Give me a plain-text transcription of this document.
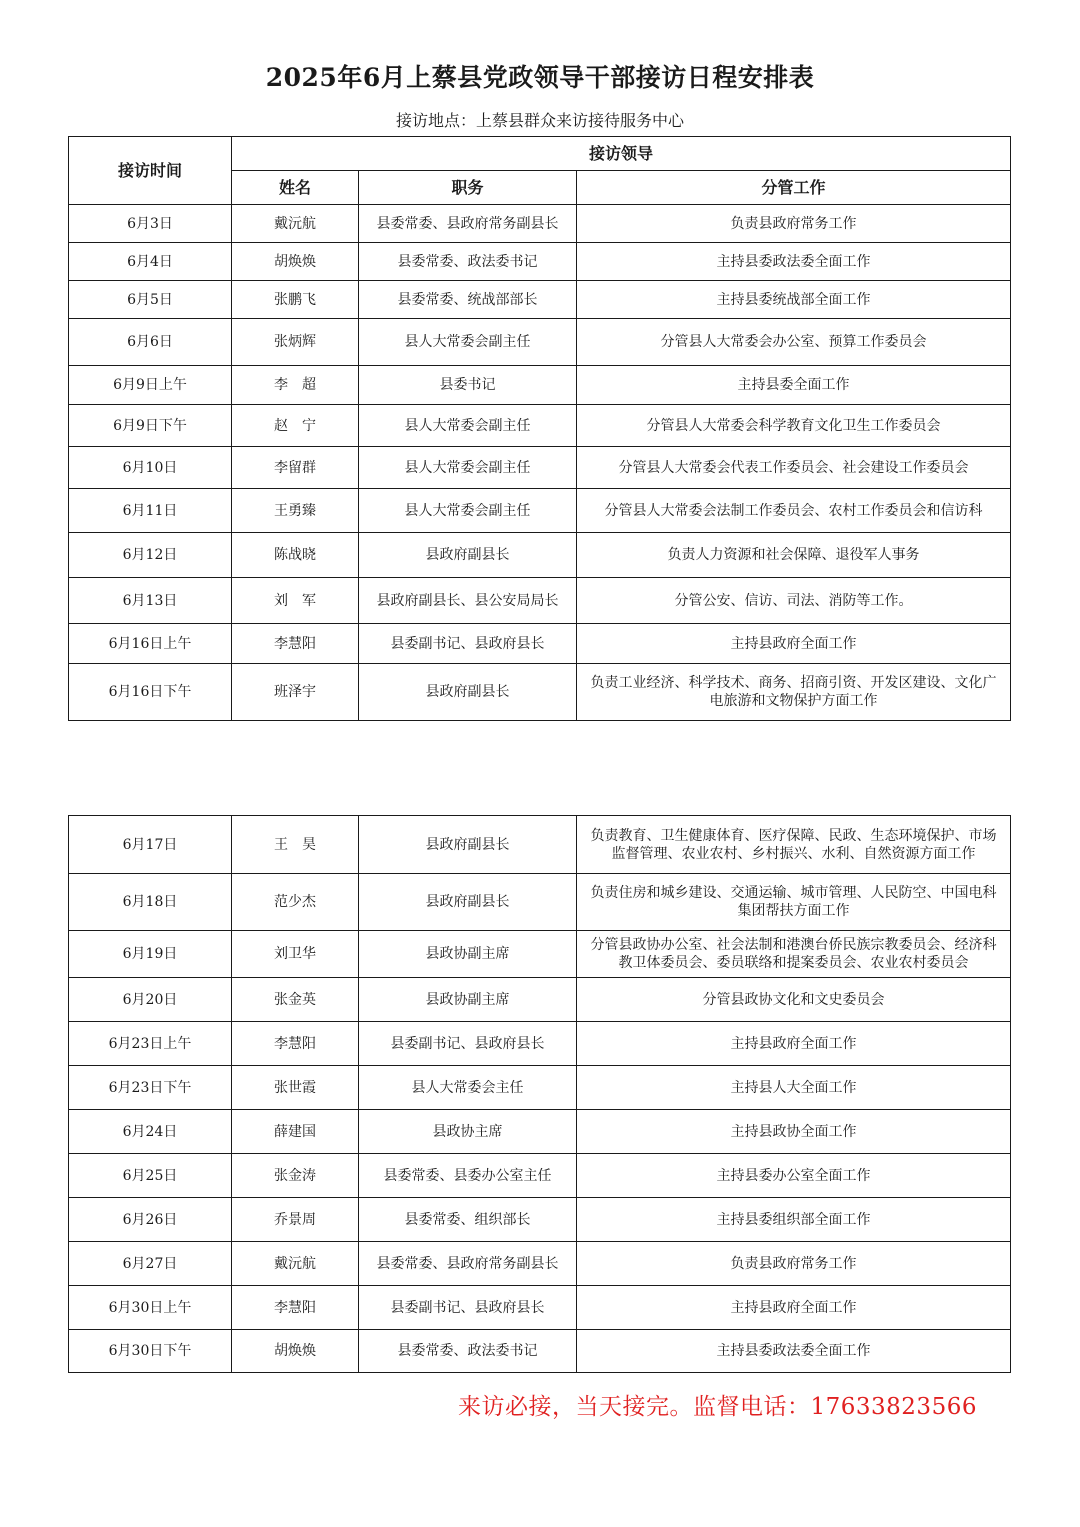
2025年6月上蔡县党政领导干部接访日程安排表
接访地点：上蔡县群众来访接待服务中心
接访时间	接访领导		
	姓名	职务	分管工作
6月3日	戴沅航	县委常委、县政府常务副县长	负责县政府常务工作
6月4日	胡焕焕	县委常委、政法委书记	主持县委政法委全面工作
6月5日	张鹏飞	县委常委、统战部部长	主持县委统战部全面工作
6月6日	张炳辉	县人大常委会副主任	分管县人大常委会办公室、预算工作委员会
6月9日上午	李　超	县委书记	主持县委全面工作
6月9日下午	赵　宁	县人大常委会副主任	分管县人大常委会科学教育文化卫生工作委员会
6月10日	李留群	县人大常委会副主任	分管县人大常委会代表工作委员会、社会建设工作委员会
6月11日	王勇臻	县人大常委会副主任	分管县人大常委会法制工作委员会、农村工作委员会和信访科
6月12日	陈战晓	县政府副县长	负责人力资源和社会保障、退役军人事务
6月13日	刘　军	县政府副县长、县公安局局长	分管公安、信访、司法、消防等工作。
6月16日上午	李慧阳	县委副书记、县政府县长	主持县政府全面工作
6月16日下午	班泽宇	县政府副县长	负责工业经济、科学技术、商务、招商引资、开发区建设、文化广电旅游和文物保护方面工作
6月17日	王　昊	县政府副县长	负责教育、卫生健康体育、医疗保障、民政、生态环境保护、市场监督管理、农业农村、乡村振兴、水利、自然资源方面工作
6月18日	范少杰	县政府副县长	负责住房和城乡建设、交通运输、城市管理、人民防空、中国电科集团帮扶方面工作
6月19日	刘卫华	县政协副主席	分管县政协办公室、社会法制和港澳台侨民族宗教委员会、经济科教卫体委员会、委员联络和提案委员会、农业农村委员会
6月20日	张金英	县政协副主席	分管县政协文化和文史委员会
6月23日上午	李慧阳	县委副书记、县政府县长	主持县政府全面工作
6月23日下午	张世霞	县人大常委会主任	主持县人大全面工作
6月24日	薛建国	县政协主席	主持县政协全面工作
6月25日	张金涛	县委常委、县委办公室主任	主持县委办公室全面工作
6月26日	乔景周	县委常委、组织部长	主持县委组织部全面工作
6月27日	戴沅航	县委常委、县政府常务副县长	负责县政府常务工作
6月30日上午	李慧阳	县委副书记、县政府县长	主持县政府全面工作
6月30日下午	胡焕焕	县委常委、政法委书记	主持县委政法委全面工作
来访必接，当天接完。监督电话：17633823566
